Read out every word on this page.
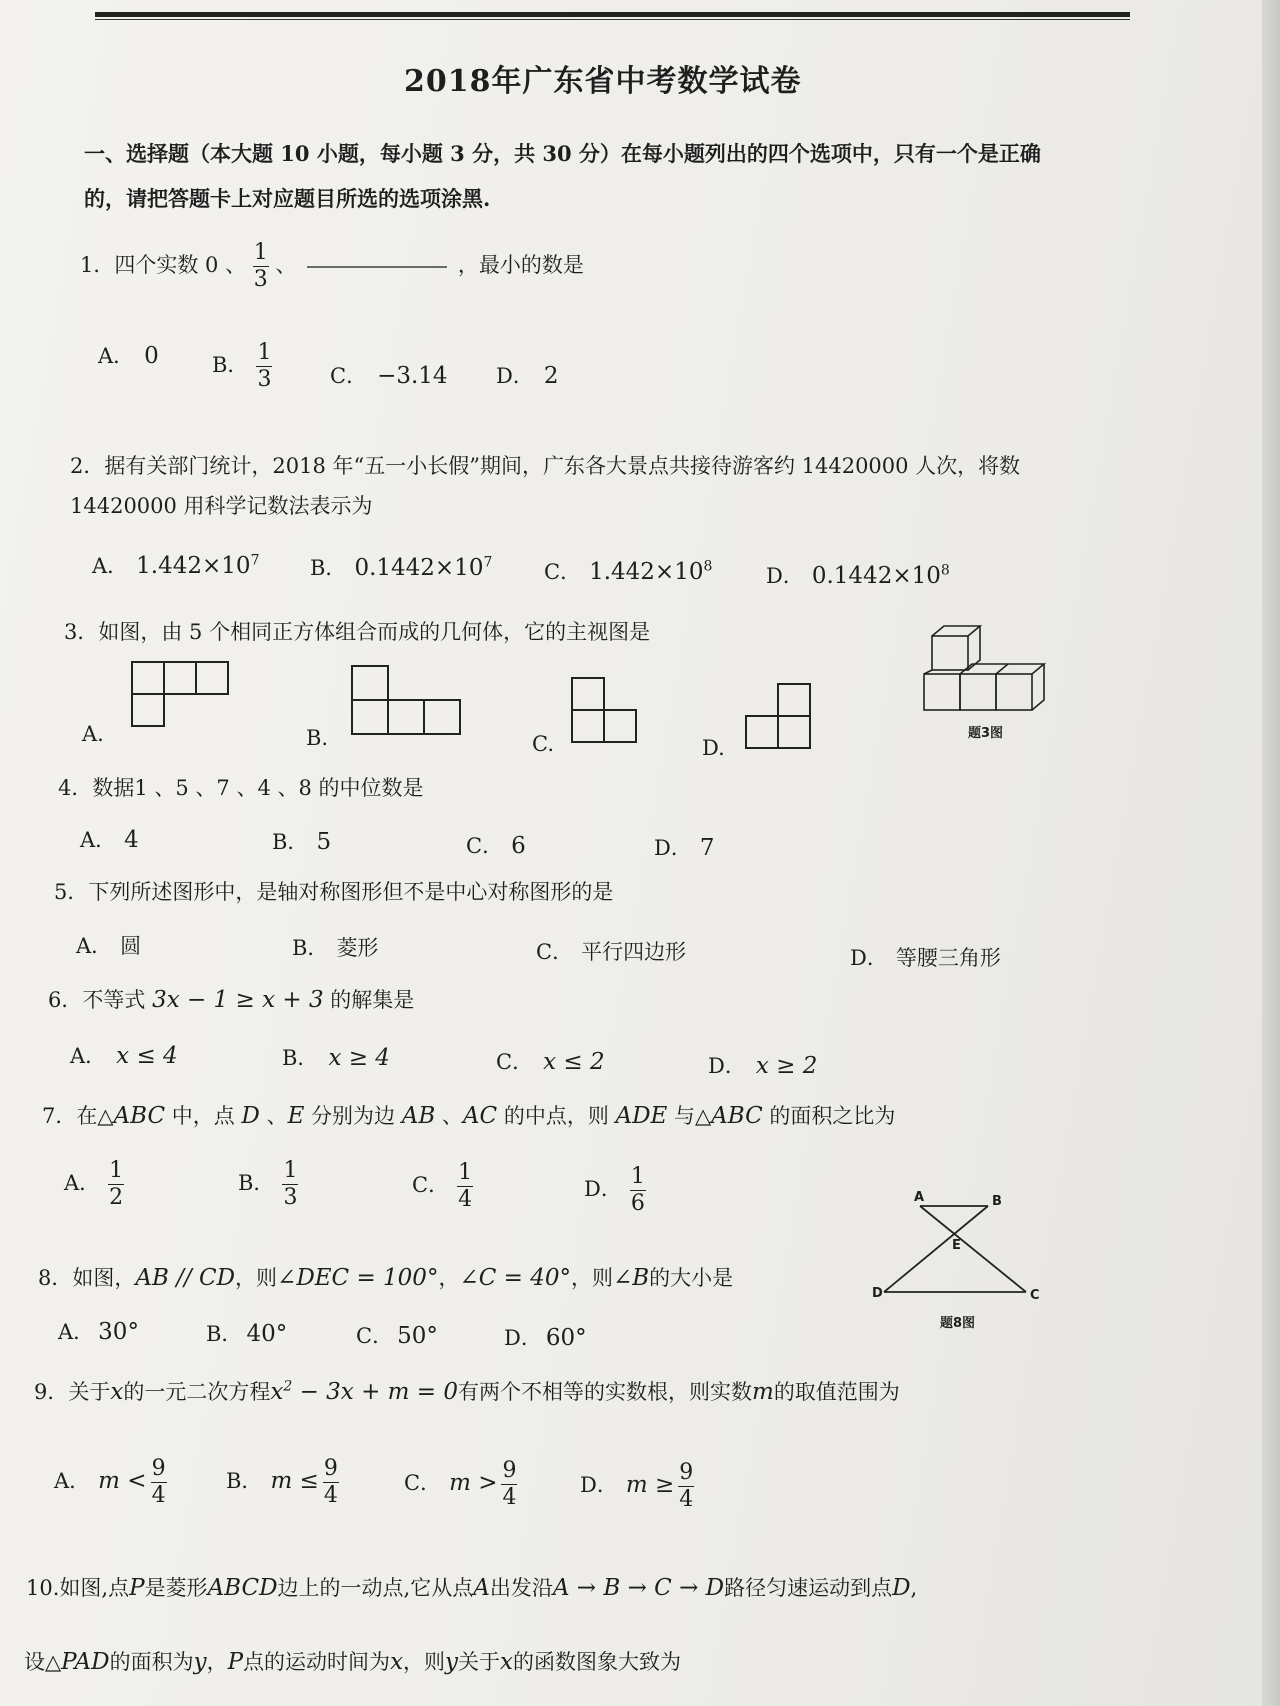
2018年广东省中考数学试卷
一、选择题（本大题 10 小题，每小题 3 分，共 30 分）在每小题列出的四个选项中，只有一个是正确
的，请把答题卡上对应题目所选的选项涂黑.
1．四个实数 0 、 $\frac{1}{3}$ 、	，最小的数是
A． 0	B． $\frac{1}{3}$	C． −3.14 D． 2
2．据有关部门统计，2018 年“五一小长假”期间，广东各大景点共接待游客约 14420000 人次，将数
14420000 用科学记数法表示为
A． $1.442\times 10^7$ B． $0.1442\times 10^7$ C． $1.442\times 10^8$	D． $0.1442\times 10^8$
3．如图，由 5 个相同正方体组合而成的几何体，它的主视图是
A.	B.	C.	D.
题3图
4．数据1 、5 、7 、4 、8 的中位数是
A． 4	B． 5	C． 6	D． 7
5．下列所述图形中，是轴对称图形但不是中心对称图形的是
A． 圆	B． 菱形	C． 平行四边形	D． 等腰三角形
6．不等式 3x − 1 ≥ x + 3 的解集是
A． x ≤ 4	B． x ≥ 4	C． x ≤ 2	D． x ≥ 2
7．在△ABC 中，点 D 、E 分别为边 AB 、AC 的中点，则 ADE 与△ABC 的面积之比为
A． $\frac{1}{2}$	B． $\frac{1}{3}$	C． $\frac{1}{4}$	D． $\frac{1}{6}$
8．如图，AB // CD，则∠DEC = 100°，∠C = 40°，则∠B的大小是
A． 30°	B． 40°	C． 50°	D． 60°
A	B
E
D	C
题8图
9．关于x的一元二次方程$x^2 - 3x + m = 0$有两个不相等的实数根，则实数m的取值范围为
A． $m < \frac{9}{4}$	B． $m \le \frac{9}{4}$	C． $m > \frac{9}{4}$	D． $m \ge \frac{9}{4}$
10.如图,点P是菱形ABCD边上的一动点,它从点A出发沿A → B → C → D路径匀速运动到点D,
设△PAD的面积为y，P点的运动时间为x，则y关于x的函数图象大致为
